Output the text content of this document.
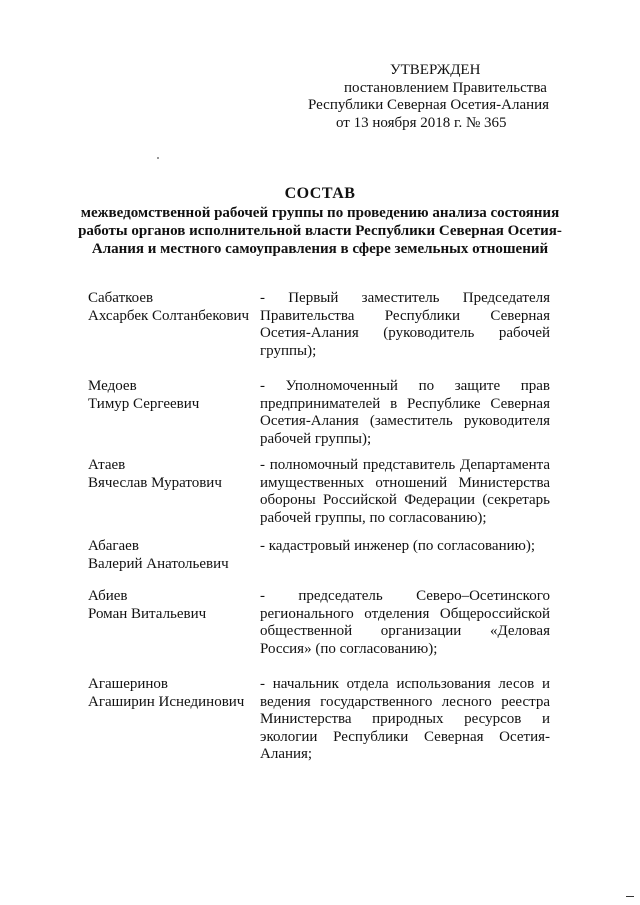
УТВЕРЖДЕН
постановлением Правительства
Республики Северная Осетия-Алания
от 13 ноября 2018 г. № 365
СОСТАВ
межведомственной рабочей группы по проведению анализа состояния
работы органов исполнительной власти Республики Северная Осетия-
Алания и местного самоуправления в сфере земельных отношений
Сабаткоев
Ахсарбек Солтанбекович
- Первый заместитель Председателя
Правительства Республики Северная
Осетия-Алания (руководитель рабочей
группы);
Медоев
Тимур Сергеевич
- Уполномоченный по защите прав
предпринимателей в Республике Северная
Осетия-Алания (заместитель руководителя
рабочей группы);
Атаев
Вячеслав Муратович
- полномочный представитель Департамента
имущественных отношений Министерства
обороны Российской Федерации (секретарь
рабочей группы, по согласованию);
Абагаев
Валерий Анатольевич
- кадастровый инженер (по согласованию);
Абиев
Роман Витальевич
- председатель Северо–Осетинского
регионального отделения Общероссийской
общественной организации «Деловая
Россия» (по согласованию);
Агашеринов
Агаширин Иснединович
- начальник отдела использования лесов и
ведения государственного лесного реестра
Министерства природных ресурсов и
экологии Республики Северная Осетия-
Алания;
